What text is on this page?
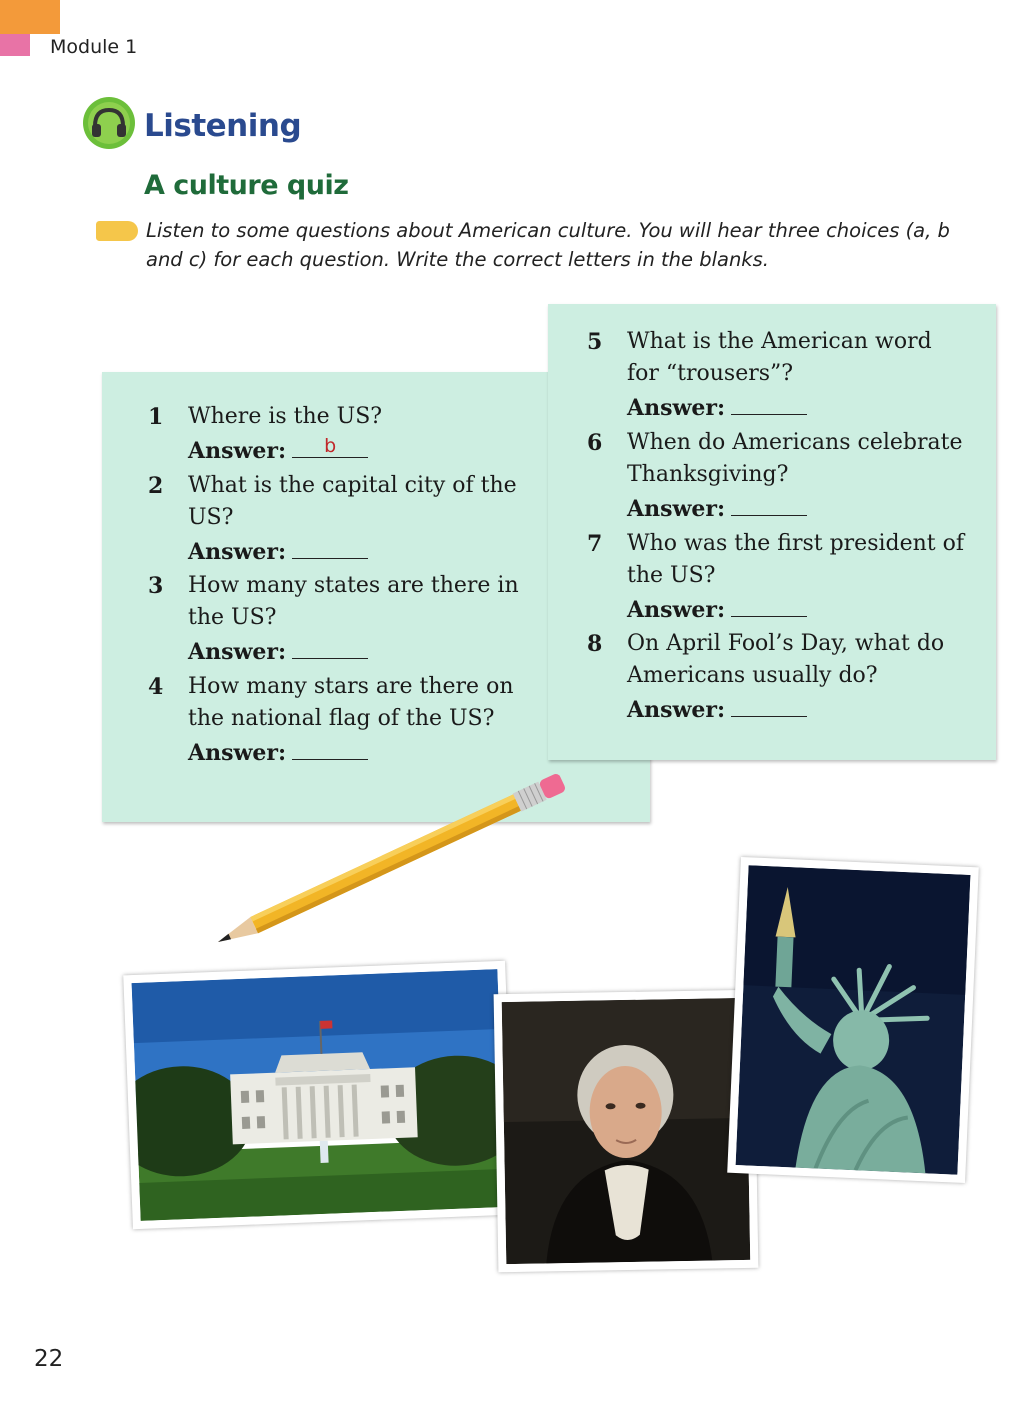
Module 1
Listening
A culture quiz
Listen to some questions about American culture. You will hear three choices (a, b and c) for each question. Write the correct letters in the blanks.
1	Where is the US?
Answer:	b
2	What is the capital city of the
US?
Answer:
3	How many states are there in
the US?
Answer:
4	How many stars are there on
the national flag of the US?
Answer:
5	What is the American word
for “trousers”?
Answer:
6	When do Americans celebrate
Thanksgiving?
Answer:
7	Who was the first president of
the US?
Answer:
8	On April Fool’s Day, what do
Americans usually do?
Answer:
22
